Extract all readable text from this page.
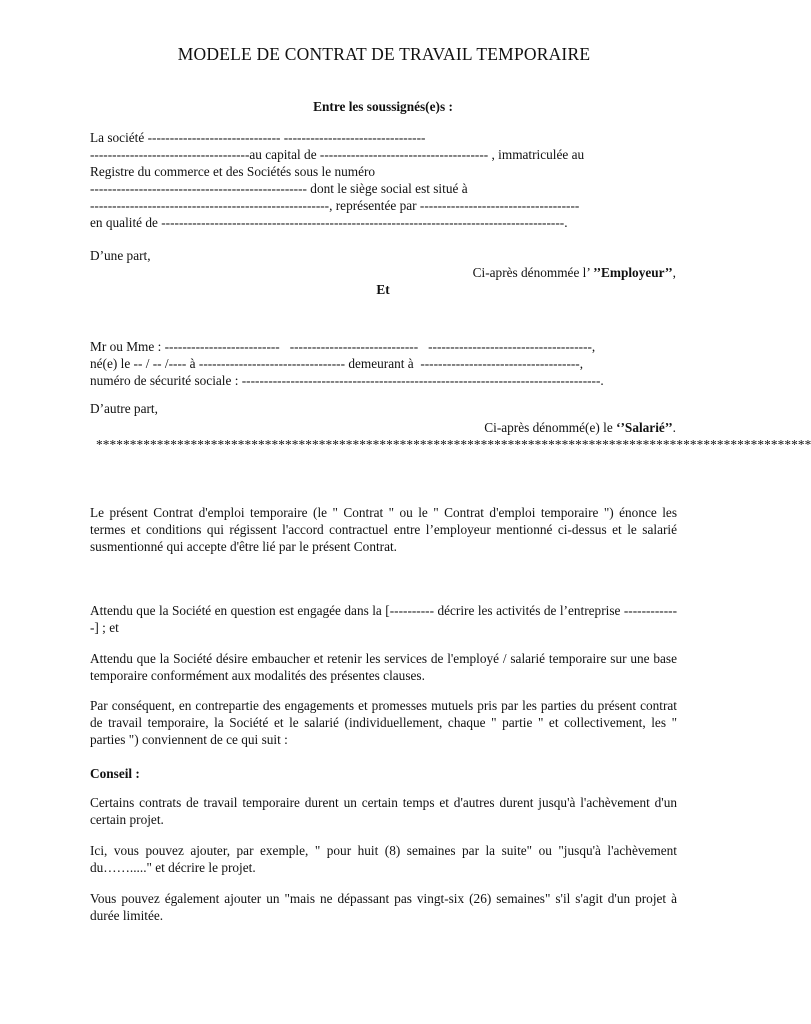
MODELE DE CONTRAT DE TRAVAIL TEMPORAIRE
Entre les soussignés(e)s :
La société ------------------------------ --------------------------------
------------------------------------au capital de -------------------------------------- , immatriculée au
Registre du commerce et des Sociétés sous le numéro
------------------------------------------------- dont le siège social est situé à
------------------------------------------------------, représentée par ------------------------------------
en qualité de -------------------------------------------------------------------------------------------.
D’une part,
Ci-après dénommée l’ ’’Employeur’’,
Et
Mr ou Mme : --------------------------   -----------------------------   -------------------------------------,
né(e) le -- / -- /---- à --------------------------------- demeurant à  ------------------------------------,
numéro de sécurité sociale : ---------------------------------------------------------------------------------.
D’autre part,
Ci-après dénommé(e) le ‘’Salarié’’.
**********************************************************************************************************
Le présent Contrat d'emploi temporaire (le " Contrat " ou le " Contrat d'emploi temporaire ") énonce les termes et conditions qui régissent l'accord contractuel entre l’employeur mentionné ci-dessus et le salarié susmentionné qui accepte d'être lié par le présent Contrat.
Attendu que la Société en question est engagée dans la [---------- décrire les activités de l’entreprise -------------] ; et
Attendu que la Société désire embaucher et retenir les services de l'employé / salarié temporaire sur une base temporaire conformément aux modalités des présentes clauses.
Par conséquent, en contrepartie des engagements et promesses mutuels pris par les parties du présent contrat de travail temporaire, la Société et le salarié (individuellement, chaque " partie " et collectivement, les " parties ") conviennent de ce qui suit :
Conseil :
Certains contrats de travail temporaire durent un certain temps et d'autres durent jusqu'à l'achèvement d'un certain projet.
Ici, vous pouvez ajouter, par exemple, " pour huit (8) semaines par la suite" ou "jusqu'à l'achèvement du……....." et décrire le projet.
Vous pouvez également ajouter un "mais ne dépassant pas vingt-six (26) semaines" s'il s'agit d'un projet à durée limitée.
